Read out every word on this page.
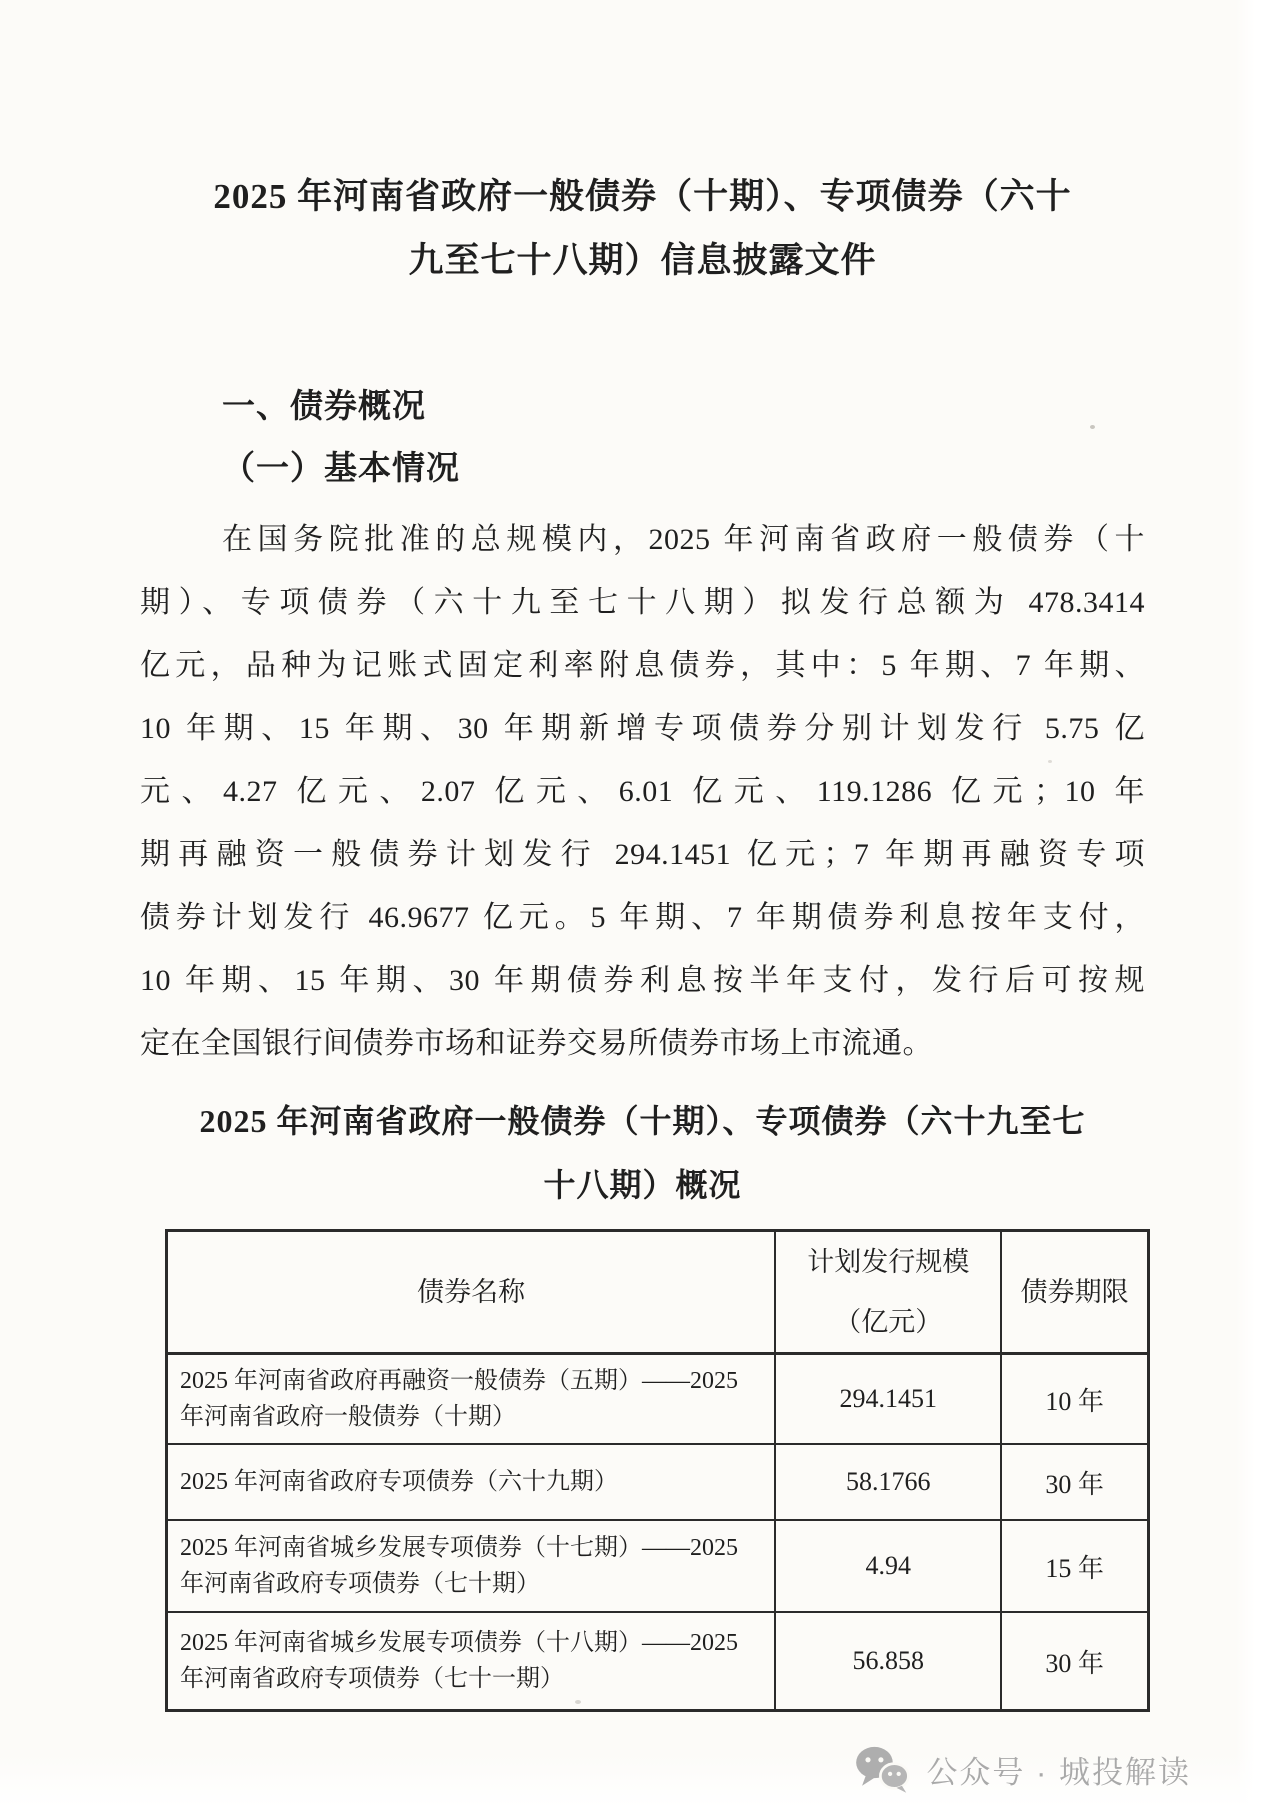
2025 年河南省政府一般债券（十期）、专项债券（六十
九至七十八期）信息披露文件
一、债券概况
（一）基本情况
在国务院批准的总规模内，2025 年河南省政府一般债券（十
期）、专项债券（六十九至七十八期）拟发行总额为 478.3414
亿元，品种为记账式固定利率附息债券，其中：5 年期、7 年期、
10 年期、15 年期、30 年期新增专项债券分别计划发行 5.75 亿
元、4.27 亿元、2.07 亿元、6.01 亿元、119.1286 亿元；10 年
期再融资一般债券计划发行 294.1451 亿元；7 年期再融资专项
债券计划发行 46.9677 亿元。5 年期、7 年期债券利息按年支付，
10 年期、15 年期、30 年期债券利息按半年支付，发行后可按规
定在全国银行间债券市场和证券交易所债券市场上市流通。
2025 年河南省政府一般债券（十期）、专项债券（六十九至七
十八期）概况
债券名称	计划发行规模（亿元）	债券期限
2025 年河南省政府再融资一般债券（五期）——2025 年河南省政府一般债券（十期）	294.1451	10 年
2025 年河南省政府专项债券（六十九期）	58.1766	30 年
2025 年河南省城乡发展专项债券（十七期）——2025 年河南省政府专项债券（七十期）	4.94	15 年
2025 年河南省城乡发展专项债券（十八期）——2025 年河南省政府专项债券（七十一期）	56.858	30 年
公众号 · 城投解读
